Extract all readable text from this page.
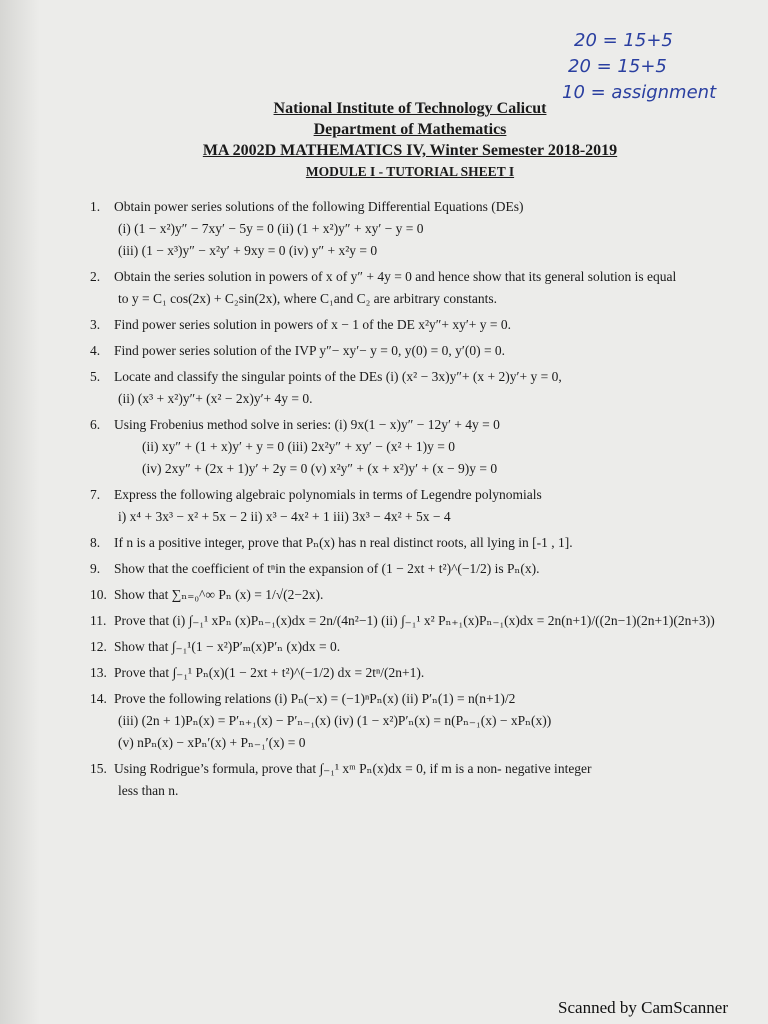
20 = 15+5
20 = 15+5
10 = assignment
National Institute of Technology Calicut
Department of Mathematics
MA 2002D MATHEMATICS IV, Winter Semester 2018-2019
MODULE I - TUTORIAL SHEET I
1. Obtain power series solutions of the following Differential Equations (DEs)
(i) (1 − x²)y″ − 7xy′ − 5y = 0 (ii) (1 + x²)y″ + xy′ − y = 0
(iii) (1 − x³)y″ − x²y′ + 9xy = 0 (iv) y″ + x²y = 0
2. Obtain the series solution in powers of x of y″ + 4y = 0 and hence show that its general solution is equal
to y = C₁ cos(2x) + C₂sin(2x), where C₁and C₂ are arbitrary constants.
3. Find power series solution in powers of x − 1 of the DE x²y″+ xy′+ y = 0.
4. Find power series solution of the IVP y″− xy′− y = 0, y(0) = 0, y′(0) = 0.
5. Locate and classify the singular points of the DEs (i) (x² − 3x)y″+ (x + 2)y′+ y = 0,
(ii) (x³ + x²)y″+ (x² − 2x)y′+ 4y = 0.
6. Using Frobenius method solve in series: (i) 9x(1 − x)y″ − 12y′ + 4y = 0
(ii) xy″ + (1 + x)y′ + y = 0 (iii) 2x²y″ + xy′ − (x² + 1)y = 0
(iv) 2xy″ + (2x + 1)y′ + 2y = 0 (v) x²y″ + (x + x²)y′ + (x − 9)y = 0
7. Express the following algebraic polynomials in terms of Legendre polynomials
i) x⁴ + 3x³ − x² + 5x − 2 ii) x³ − 4x² + 1 iii) 3x³ − 4x² + 5x − 4
8. If n is a positive integer, prove that Pₙ(x) has n real distinct roots, all lying in [-1 , 1].
9. Show that the coefficient of tⁿin the expansion of (1 − 2xt + t²)^(−1/2) is Pₙ(x).
10. Show that ∑ₙ₌₀^∞ Pₙ (x) = 1/√(2−2x).
11. Prove that (i) ∫₋₁¹ xPₙ (x)Pₙ₋₁(x)dx = 2n/(4n²−1) (ii) ∫₋₁¹ x² Pₙ₊₁(x)Pₙ₋₁(x)dx = 2n(n+1)/((2n−1)(2n+1)(2n+3))
12. Show that ∫₋₁¹(1 − x²)P′ₘ(x)P′ₙ (x)dx = 0.
13. Prove that ∫₋₁¹ Pₙ(x)(1 − 2xt + t²)^(−1/2) dx = 2tⁿ/(2n+1).
14. Prove the following relations (i) Pₙ(−x) = (−1)ⁿPₙ(x) (ii) P′ₙ(1) = n(n+1)/2
(iii) (2n + 1)Pₙ(x) = P′ₙ₊₁(x) − P′ₙ₋₁(x) (iv) (1 − x²)P′ₙ(x) = n(Pₙ₋₁(x) − xPₙ(x))
(v) nPₙ(x) − xPₙ′(x) + Pₙ₋₁′(x) = 0
15. Using Rodrigue’s formula, prove that ∫₋₁¹ xᵐ Pₙ(x)dx = 0, if m is a non- negative integer
less than n.
Scanned by CamScanner
